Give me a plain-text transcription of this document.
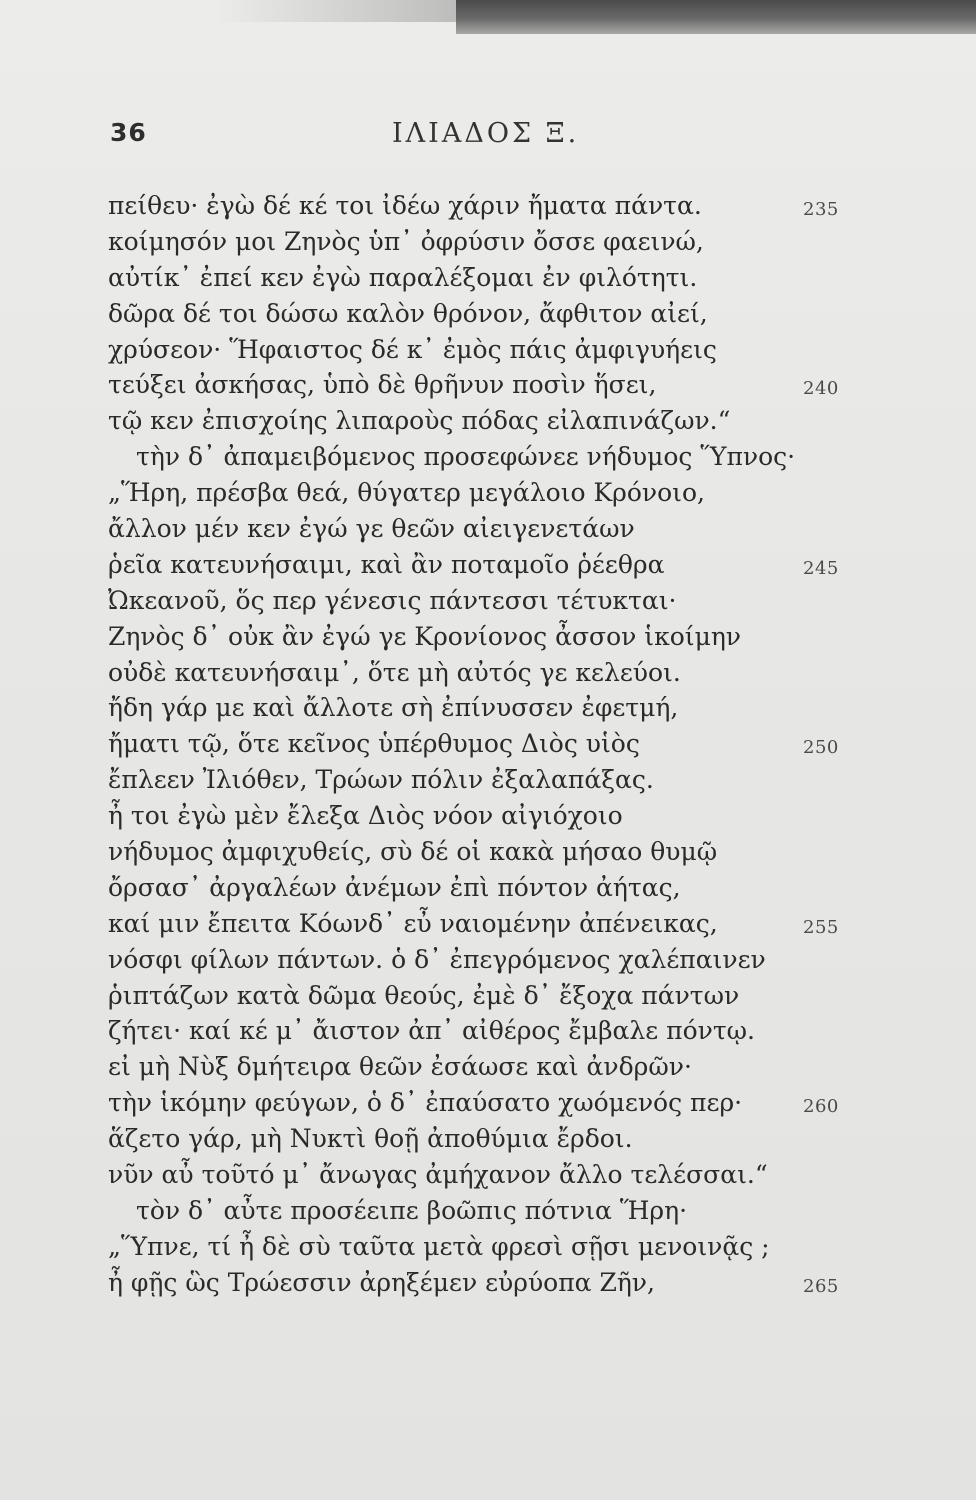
36	ΙΛΙΑΔΟΣ Ξ.
πείθευ· ἐγὼ δέ κέ τοι ἰδέω χάριν ἤματα πάντα.	235
κοίμησόν μοι Ζηνὸς ὑπ᾽ ὀφρύσιν ὄσσε φαεινώ,
αὐτίκ᾽ ἐπεί κεν ἐγὼ παραλέξομαι ἐν φιλότητι.
δῶρα δέ τοι δώσω καλὸν θρόνον, ἄφθιτον αἰεί,
χρύσεον· Ἥφαιστος δέ κ᾽ ἐμὸς πάις ἀμφιγυήεις
τεύξει ἀσκήσας, ὑπὸ δὲ θρῆνυν ποσὶν ἥσει,	240
τῷ κεν ἐπισχοίης λιπαροὺς πόδας εἰλαπινάζων.“
τὴν δ᾽ ἀπαμειβόμενος προσεφώνεε νήδυμος Ὕπνος·
„Ἥρη, πρέσβα θεά, θύγατερ μεγάλοιο Κρόνοιο,
ἄλλον μέν κεν ἐγώ γε θεῶν αἰειγενετάων
ῥεῖα κατευνήσαιμι, καὶ ἂν ποταμοῖο ῥέεθρα	245
Ὠκεανοῦ, ὅς περ γένεσις πάντεσσι τέτυκται·
Ζηνὸς δ᾽ οὐκ ἂν ἐγώ γε Κρονίονος ἆσσον ἱκοίμην
οὐδὲ κατευνήσαιμ᾽, ὅτε μὴ αὐτός γε κελεύοι.
ἤδη γάρ με καὶ ἄλλοτε σὴ ἐπίνυσσεν ἐφετμή,
ἤματι τῷ, ὅτε κεῖνος ὑπέρθυμος Διὸς υἱὸς	250
ἔπλεεν Ἰλιόθεν, Τρώων πόλιν ἐξαλαπάξας.
ἦ τοι ἐγὼ μὲν ἔλεξα Διὸς νόον αἰγιόχοιο
νήδυμος ἀμφιχυθείς, σὺ δέ οἱ κακὰ μήσαο θυμῷ
ὄρσασ᾽ ἀργαλέων ἀνέμων ἐπὶ πόντον ἀήτας,
καί μιν ἔπειτα Κόωνδ᾽ εὖ ναιομένην ἀπένεικας,	255
νόσφι φίλων πάντων. ὁ δ᾽ ἐπεγρόμενος χαλέπαινεν
ῥιπτάζων κατὰ δῶμα θεούς, ἐμὲ δ᾽ ἔξοχα πάντων
ζήτει· καί κέ μ᾽ ἄιστον ἀπ᾽ αἰθέρος ἔμβαλε πόντῳ.
εἰ μὴ Νὺξ δμήτειρα θεῶν ἐσάωσε καὶ ἀνδρῶν·
τὴν ἱκόμην φεύγων, ὁ δ᾽ ἐπαύσατο χωόμενός περ·	260
ἅζετο γάρ, μὴ Νυκτὶ θοῇ ἀποθύμια ἔρδοι.
νῦν αὖ τοῦτό μ᾽ ἄνωγας ἀμήχανον ἄλλο τελέσσαι.“
τὸν δ᾽ αὖτε προσέειπε βοῶπις πότνια Ἥρη·
„Ὕπνε, τί ἦ δὲ σὺ ταῦτα μετὰ φρεσὶ σῇσι μενοινᾷς ;
ἦ φῇς ὣς Τρώεσσιν ἀρηξέμεν εὐρύοπα Ζῆν,	265
